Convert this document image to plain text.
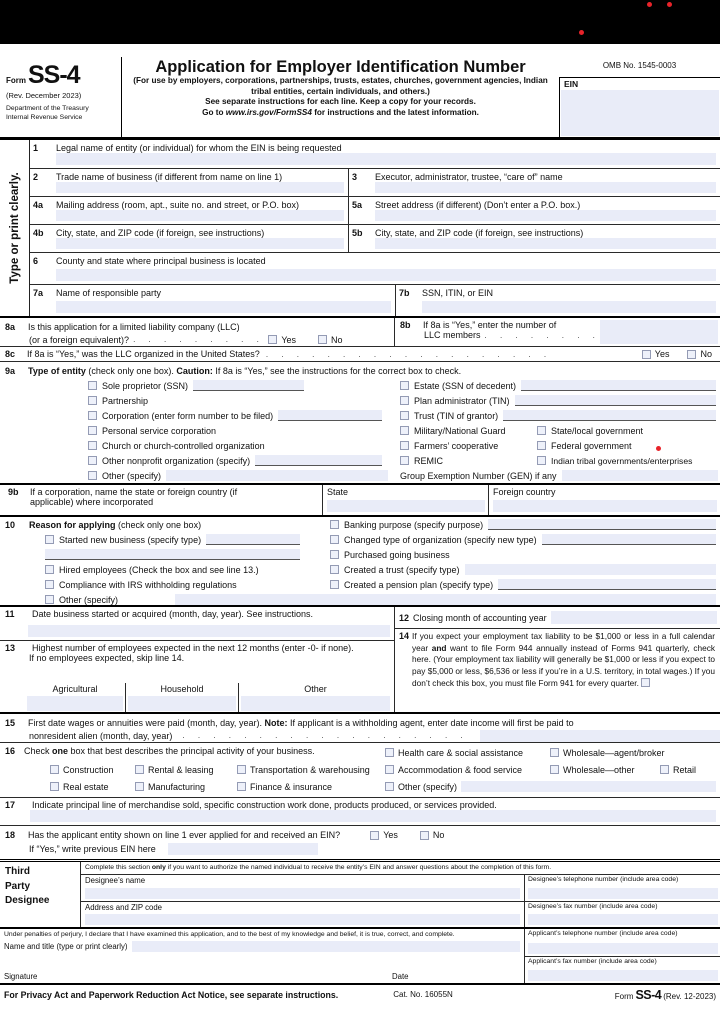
Form SS-4
(Rev. December 2023)
Department of the Treasury
Internal Revenue Service
Application for Employer Identification Number
(For use by employers, corporations, partnerships, trusts, estates, churches, government agencies, Indian tribal entities, certain individuals, and others.)
See separate instructions for each line. Keep a copy for your records.
Go to www.irs.gov/FormSS4 for instructions and the latest information.
OMB No. 1545-0003
EIN
Type or print clearly.
1	Legal name of entity (or individual) for whom the EIN is being requested
2	Trade name of business (if different from name on line 1)	3	Executor, administrator, trustee, “care of” name
4a	Mailing address (room, apt., suite no. and street, or P.O. box)	5a	Street address (if different) (Don’t enter a P.O. box.)
4b	City, state, and ZIP code (if foreign, see instructions)	5b	City, state, and ZIP code (if foreign, see instructions)
6	County and state where principal business is located
7a	Name of responsible party	7b	SSN, ITIN, or EIN
8a	Is this application for a limited liability company (LLC)
(or a foreign equivalent)? . . . . . . . . . Yes	No
8b	If 8a is “Yes,” enter the number of
LLC members . . . . . . . .
8c	If 8a is “Yes,” was the LLC organized in the United States? . . . . . . . . . . . . . . . . . . .	Yes	No
9a	Type of entity (check only one box). Caution: If 8a is “Yes,” see the instructions for the correct box to check.
Sole proprietor (SSN)	Estate (SSN of decedent)
Partnership	Plan administrator (TIN)
Corporation (enter form number to be filed)	Trust (TIN of grantor)
Personal service corporation	Military/National Guard	State/local government
Church or church-controlled organization	Farmers’ cooperative	Federal government
Other nonprofit organization (specify)	REMIC	Indian tribal governments/enterprises
Other (specify)	Group Exemption Number (GEN) if any
9b	If a corporation, name the state or foreign country (if
applicable) where incorporated
State	Foreign country
10	Reason for applying (check only one box)	Banking purpose (specify purpose)
Started new business (specify type)	Changed type of organization (specify new type)
Purchased going business
Hired employees (Check the box and see line 13.)	Created a trust (specify type)
Compliance with IRS withholding regulations	Created a pension plan (specify type)
Other (specify)
11	Date business started or acquired (month, day, year). See instructions.
13	Highest number of employees expected in the next 12 months (enter -0- if none).
If no employees expected, skip line 14.
Agricultural	Household	Other
12 Closing month of accounting year
14 If you expect your employment tax liability to be $1,000 or less in a full calendar year and want to file Form 944 annually instead of Forms 941 quarterly, check here. (Your employment tax liability will generally be $1,000 or less if you expect to pay $5,000 or less, $6,536 or less if you’re in a U.S. territory, in total wages.) If you don’t check this box, you must file Form 941 for every quarter.
15	First date wages or annuities were paid (month, day, year). Note: If applicant is a withholding agent, enter date income will first be paid to
nonresident alien (month, day, year) . . . . . . . . . . . . . . . . . . .
16 Check one box that best describes the principal activity of your business.	Health care & social assistance	Wholesale—agent/broker
Construction	Rental & leasing	Transportation & warehousing	Accommodation & food service	Wholesale—other	Retail
Real estate	Manufacturing	Finance & insurance	Other (specify)
17	Indicate principal line of merchandise sold, specific construction work done, products produced, or services provided.
18	Has the applicant entity shown on line 1 ever applied for and received an EIN?	Yes	No
If “Yes,” write previous EIN here
Third
Party
Designee
Complete this section only if you want to authorize the named individual to receive the entity’s EIN and answer questions about the completion of this form.
Designee’s name	Designee’s telephone number (include area code)
Address and ZIP code	Designee’s fax number (include area code)
Under penalties of perjury, I declare that I have examined this application, and to the best of my knowledge and belief, it is true, correct, and complete.
Name and title (type or print clearly)
Signature	Date
Applicant’s telephone number (include area code)
Applicant’s fax number (include area code)
For Privacy Act and Paperwork Reduction Act Notice, see separate instructions.	Cat. No. 16055N	Form SS-4 (Rev. 12-2023)
